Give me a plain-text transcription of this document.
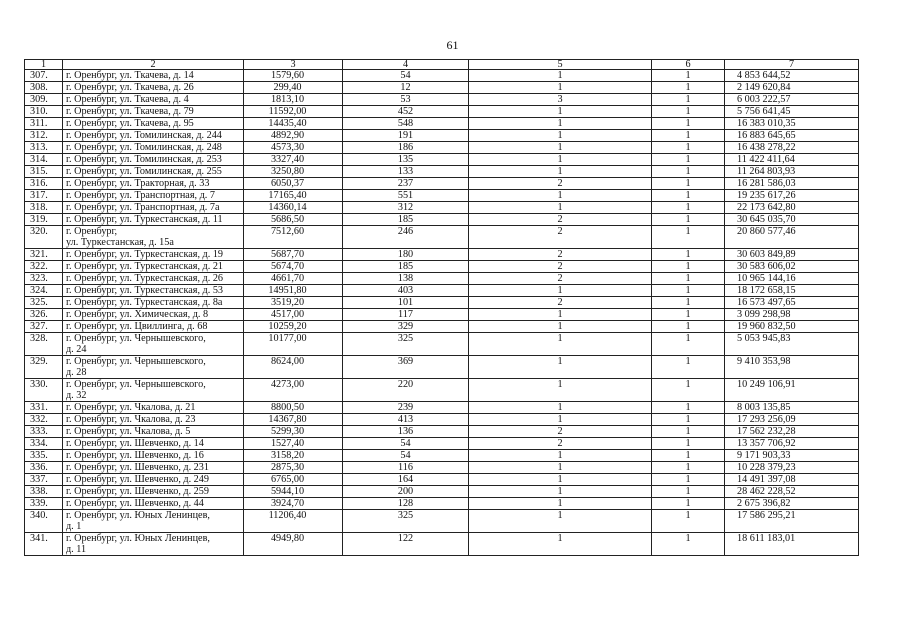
61
1	2	3	4	5	6	7
307.	г. Оренбург, ул. Ткачева, д. 14	1579,60	54	1	1	4 853 644,52
308.	г. Оренбург, ул. Ткачева, д. 26	299,40	12	1	1	2 149 620,84
309.	г. Оренбург, ул. Ткачева, д. 4	1813,10	53	3	1	6 003 222,57
310.	г. Оренбург, ул. Ткачева, д. 79	11592,00	452	1	1	5 756 641,45
311.	г. Оренбург, ул. Ткачева, д. 95	14435,40	548	1	1	16 383 010,35
312.	г. Оренбург, ул. Томилинская, д. 244	4892,90	191	1	1	16 883 645,65
313.	г. Оренбург, ул. Томилинская, д. 248	4573,30	186	1	1	16 438 278,22
314.	г. Оренбург, ул. Томилинская, д. 253	3327,40	135	1	1	11 422 411,64
315.	г. Оренбург, ул. Томилинская, д. 255	3250,80	133	1	1	11 264 803,93
316.	г. Оренбург, ул. Тракторная, д. 33	6050,37	237	2	1	16 281 586,03
317.	г. Оренбург, ул. Транспортная, д. 7	17165,40	551	1	1	19 235 617,26
318.	г. Оренбург, ул. Транспортная, д. 7а	14360,14	312	1	1	22 173 642,80
319.	г. Оренбург, ул. Туркестанская, д. 11	5686,50	185	2	1	30 645 035,70
320.	г. Оренбург,
ул. Туркестанская, д. 15а	7512,60	246	2	1	20 860 577,46
321.	г. Оренбург, ул. Туркестанская, д. 19	5687,70	180	2	1	30 603 849,89
322.	г. Оренбург, ул. Туркестанская, д. 21	5674,70	185	2	1	30 583 606,02
323.	г. Оренбург, ул. Туркестанская, д. 26	4661,70	138	2	1	10 965 144,16
324.	г. Оренбург, ул. Туркестанская, д. 53	14951,80	403	1	1	18 172 658,15
325.	г. Оренбург, ул. Туркестанская, д. 8а	3519,20	101	2	1	16 573 497,65
326.	г. Оренбург, ул. Химическая, д. 8	4517,00	117	1	1	3 099 298,98
327.	г. Оренбург, ул. Цвиллинга, д. 68	10259,20	329	1	1	19 960 832,50
328.	г. Оренбург, ул. Чернышевского,
д. 24	10177,00	325	1	1	5 053 945,83
329.	г. Оренбург, ул. Чернышевского,
д. 28	8624,00	369	1	1	9 410 353,98
330.	г. Оренбург, ул. Чернышевского,
д. 32	4273,00	220	1	1	10 249 106,91
331.	г. Оренбург, ул. Чкалова, д. 21	8800,50	239	1	1	8 003 135,85
332.	г. Оренбург, ул. Чкалова, д. 23	14367,80	413	1	1	17 293 256,09
333.	г. Оренбург, ул. Чкалова, д. 5	5299,30	136	2	1	17 562 232,28
334.	г. Оренбург, ул. Шевченко, д. 14	1527,40	54	2	1	13 357 706,92
335.	г. Оренбург, ул. Шевченко, д. 16	3158,20	54	1	1	9 171 903,33
336.	г. Оренбург, ул. Шевченко, д. 231	2875,30	116	1	1	10 228 379,23
337.	г. Оренбург, ул. Шевченко, д. 249	6765,00	164	1	1	14 491 397,08
338.	г. Оренбург, ул. Шевченко, д. 259	5944,10	200	1	1	28 462 228,52
339.	г. Оренбург, ул. Шевченко, д. 44	3924,70	128	1	1	2 675 396,82
340.	г. Оренбург, ул. Юных Ленинцев,
д. 1	11206,40	325	1	1	17 586 295,21
341.	г. Оренбург, ул. Юных Ленинцев,
д. 11	4949,80	122	1	1	18 611 183,01
